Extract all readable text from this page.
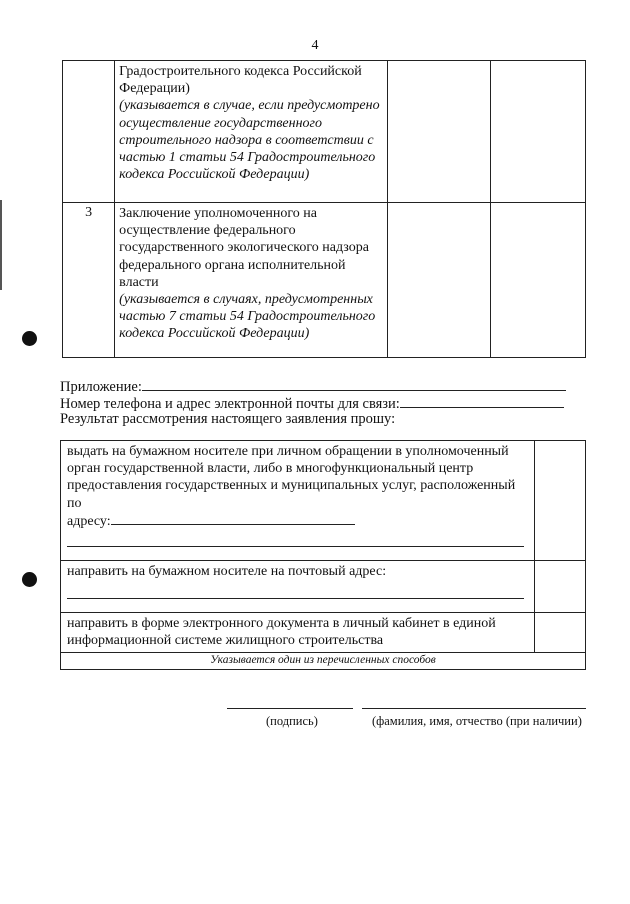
4

	Градостроительного кодекса Российской Федерации)
(указывается в случае, если предусмотрено осуществление государственного строительного надзора в соответствии с частью 1 статьи 54 Градостроительного кодекса Российской Федерации)		

3	Заключение уполномоченного на осуществление федерального государственного экологического надзора федерального органа исполнительной власти
(указывается в случаях, предусмотренных частью 7 статьи 54 Градостроительного кодекса Российской Федерации)		

Приложение:
Номер телефона и адрес электронной почты для связи:
Результат рассмотрения настоящего заявления прошу:
выдать на бумажном носителе при личном обращении в уполномоченный орган государственной власти, либо в многофункциональный центр предоставления государственных и муниципальных услуг, расположенный по
адресу:	

направить на бумажном носителе на почтовый адрес:	

направить в форме электронного документа в личный кабинет в единой информационной системе жилищного строительства	

Указывается один из перечисленных способов	
(подпись)	(фамилия, имя, отчество (при наличии)
